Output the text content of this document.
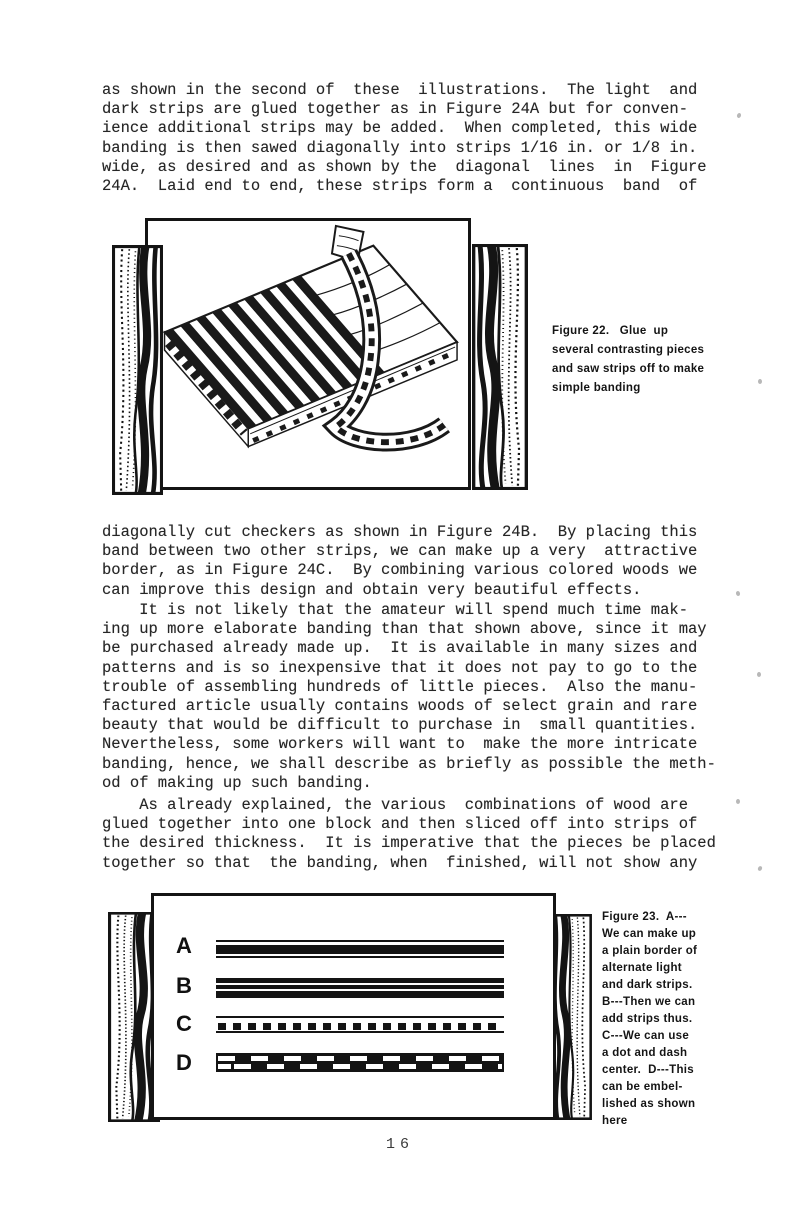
as shown in the second of  these  illustrations.  The light  and
dark strips are glued together as in Figure 24A but for conven-
ience additional strips may be added.  When completed, this wide
banding is then sawed diagonally into strips 1/16 in. or 1/8 in.
wide, as desired and as shown by the  diagonal  lines  in  Figure
24A.  Laid end to end, these strips form a  continuous  band  of
diagonally cut checkers as shown in Figure 24B.  By placing this
band between two other strips, we can make up a very  attractive
border, as in Figure 24C.  By combining various colored woods we
can improve this design and obtain very beautiful effects.
It is not likely that the amateur will spend much time mak-
ing up more elaborate banding than that shown above, since it may
be purchased already made up.  It is available in many sizes and
patterns and is so inexpensive that it does not pay to go to the
trouble of assembling hundreds of little pieces.  Also the manu-
factured article usually contains woods of select grain and rare
beauty that would be difficult to purchase in  small quantities.
Nevertheless, some workers will want to  make the more intricate
banding, hence, we shall describe as briefly as possible the meth-
od of making up such banding.
As already explained, the various  combinations of wood are
glued together into one block and then sliced off into strips of
the desired thickness.  It is imperative that the pieces be placed
together so that  the banding, when  finished, will not show any
Figure 22.   Glue  up
several contrasting pieces
and saw strips off to make
simple banding
A
B
C
D
Figure 23.  A---
We can make up
a plain border of
alternate light
and dark strips.
B---Then we can
add strips thus.
C---We can use
a dot and dash
center.  D---This
can be embel-
lished as shown
here
16
